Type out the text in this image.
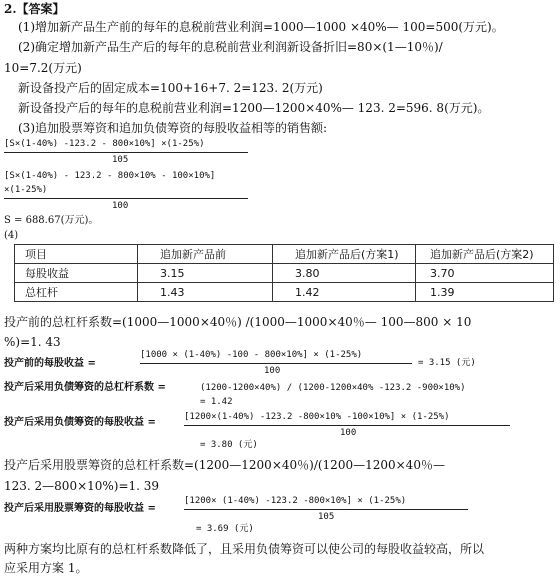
2.【答案】
(1)增加新产品生产前的每年的息税前营业利润=1000—1000 ×40%— 100=500(万元)。
(2)确定增加新产品生产后的每年的息税前营业利润新设备折旧=80×(1—10％)/
10=7.2(万元)
新设备投产后的固定成本=100+16+7. 2=123. 2(万元)
新设备投产后的每年的息税前营业利润=1200—1200×40%— 123. 2=596. 8(万元)。
(3)追加股票筹资和追加负债筹资的每股收益相等的销售额:
[S×(1-40%) -123.2 - 800×10%] ×(1-25%)
105
[S×(1-40%) - 123.2 - 800×10% - 100×10%]
×(1-25%)
100
S = 688.67(万元)。
(4)
项目	追加新产品前	追加新产品后(方案1)	追加新产品后(方案2)
每股收益	3.15	3.80	3.70
总杠杆	1.43	1.42	1.39
投产前的总杠杆系数=(1000—1000×40％) /(1000—1000×40％— 100—800 × 10
%)=1. 43
投产前的每股收益 =
[1000 × (1-40%) -100 - 800×10%] × (1-25%)
100
= 3.15 (元)
投产后采用负债筹资的总杠杆系数 =	(1200-1200×40%) / (1200-1200×40% -123.2 -900×10%)
= 1.42
投产后采用负债筹资的每股收益 =	[1200×(1-40%) -123.2 -800×10% -100×10%] × (1-25%)
100
= 3.80 (元)
投产后采用股票筹资的总杠杆系数=(1200—1200×40％)/(1200—1200×40％—
123. 2—800×10%)=1. 39
投产后采用股票筹资的每股收益 =
[1200× (1-40%) -123.2 -800×10%] × (1-25%)
105
= 3.69 (元)
两种方案均比原有的总杠杆系数降低了，且采用负债筹资可以使公司的每股收益较高，所以
应采用方案 1。
